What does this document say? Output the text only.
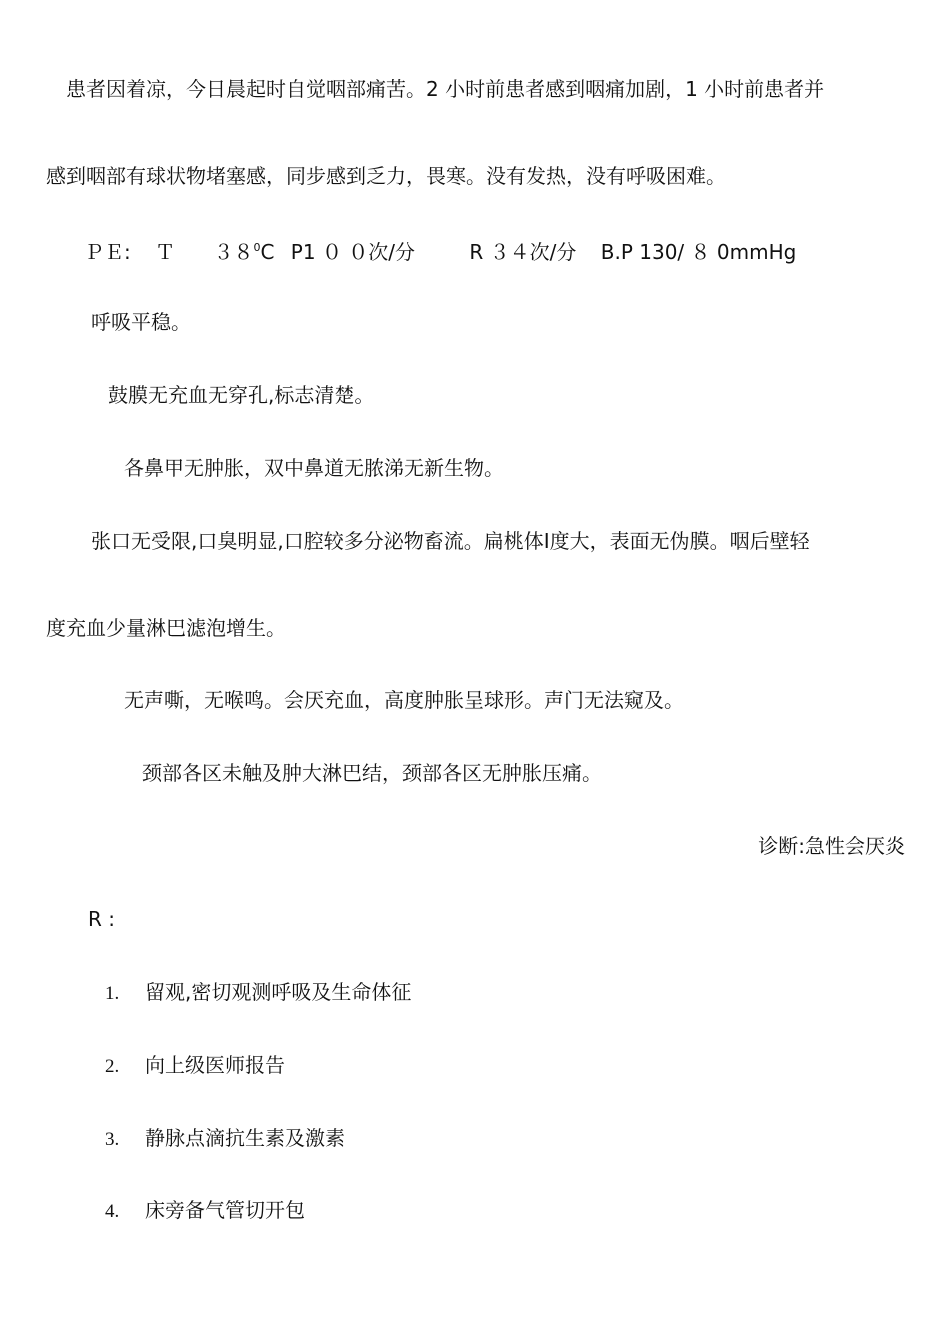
患者因着凉，今日晨起时自觉咽部痛苦。2 小时前患者感到咽痛加剧，1 小时前患者并
感到咽部有球状物堵塞感，同步感到乏力，畏寒。没有发热，没有呼吸困难。
ＰＥ: Ｔ ３８0C P1 ０ ０次/分	R ３４次/分 B.P 130/ ８ 0mmHg
呼吸平稳。
鼓膜无充血无穿孔,标志清楚。
各鼻甲无肿胀，双中鼻道无脓涕无新生物。
张口无受限,口臭明显,口腔较多分泌物畜流。扁桃体Ⅰ度大，表面无伪膜。咽后壁轻
度充血少量淋巴滤泡增生。
无声嘶，无喉鸣。会厌充血，高度肿胀呈球形。声门无法窥及。
颈部各区未触及肿大淋巴结，颈部各区无肿胀压痛。
诊断:急性会厌炎
R :
1. 留观,密切观测呼吸及生命体征
2. 向上级医师报告
3. 静脉点滴抗生素及激素
4. 床旁备气管切开包
